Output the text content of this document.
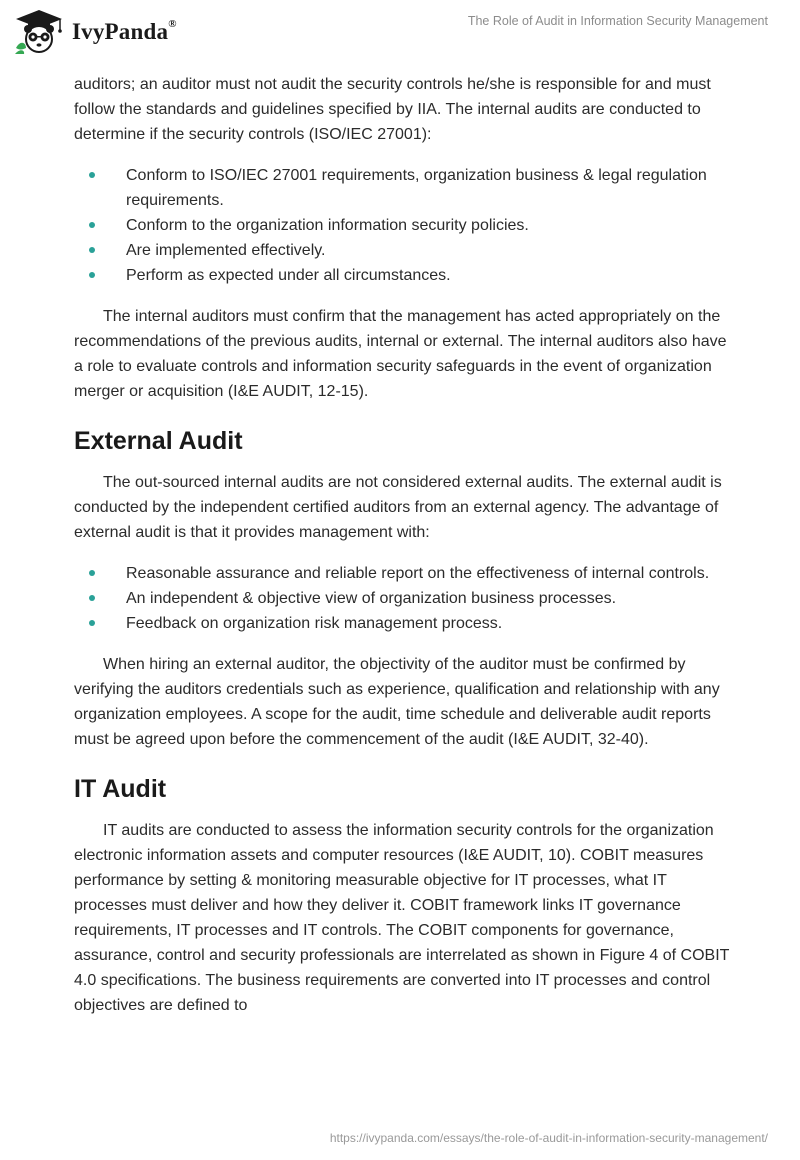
IvyPanda®	The Role of Audit in Information Security Management

auditors; an auditor must not audit the security controls he/she is responsible for and must follow the standards and guidelines specified by IIA. The internal audits are conducted to determine if the security controls (ISO/IEC 27001):

Conform to ISO/IEC 27001 requirements, organization business & legal regulation requirements.
Conform to the organization information security policies.
Are implemented effectively.
Perform as expected under all circumstances.

The internal auditors must confirm that the management has acted appropriately on the recommendations of the previous audits, internal or external. The internal auditors also have a role to evaluate controls and information security safeguards in the event of organization merger or acquisition (I&E AUDIT, 12-15).

External Audit

The out-sourced internal audits are not considered external audits. The external audit is conducted by the independent certified auditors from an external agency. The advantage of external audit is that it provides management with:

Reasonable assurance and reliable report on the effectiveness of internal controls.
An independent & objective view of organization business processes.
Feedback on organization risk management process.

When hiring an external auditor, the objectivity of the auditor must be confirmed by verifying the auditors credentials such as experience, qualification and relationship with any organization employees. A scope for the audit, time schedule and deliverable audit reports must be agreed upon before the commencement of the audit (I&E AUDIT, 32-40).

IT Audit

IT audits are conducted to assess the information security controls for the organization electronic information assets and computer resources (I&E AUDIT, 10). COBIT measures performance by setting & monitoring measurable objective for IT processes, what IT processes must deliver and how they deliver it. COBIT framework links IT governance requirements, IT processes and IT controls. The COBIT components for governance, assurance, control and security professionals are interrelated as shown in Figure 4 of COBIT 4.0 specifications. The business requirements are converted into IT processes and control objectives are defined to

https://ivypanda.com/essays/the-role-of-audit-in-information-security-management/
